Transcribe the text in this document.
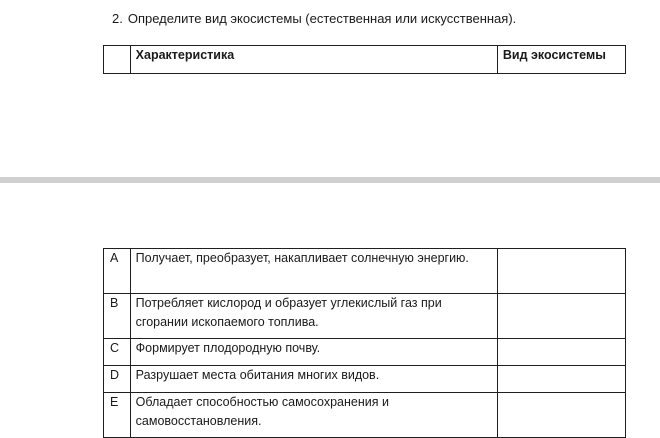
2. Определите вид экосистемы (естественная или искусственная).
	Характеристика	Вид экосистемы
A	Получает, преобразует, накапливает солнечную энергию.	
B	Потребляет кислород и образует углекислый газ при сгорании ископаемого топлива.	
C	Формирует плодородную почву.	
D	Разрушает места обитания многих видов.	
E	Обладает способностью самосохранения и самовосстановления.	
